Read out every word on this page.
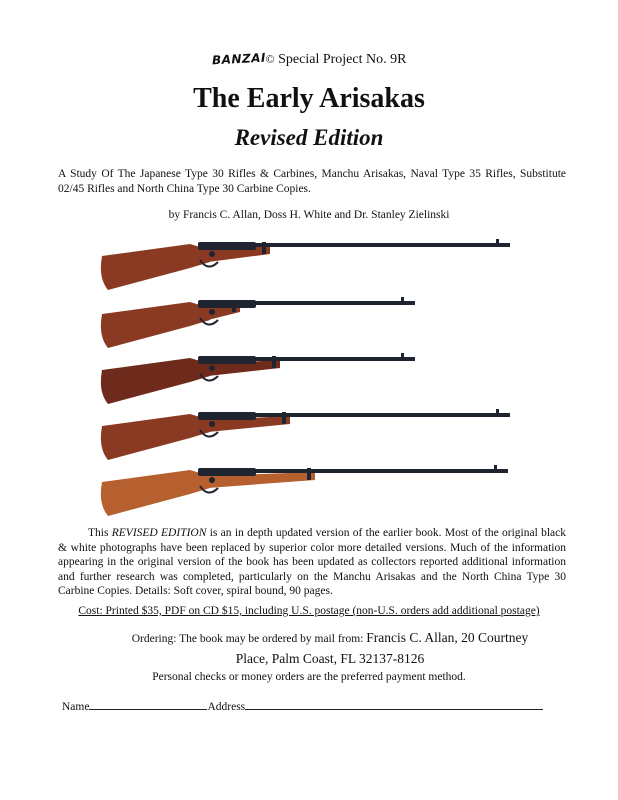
BANZAI© Special Project No. 9R
The Early Arisakas
Revised Edition

A Study Of The Japanese Type 30 Rifles & Carbines, Manchu Arisakas, Naval Type 35 Rifles, Substitute 02/45 Rifles and North China Type 30 Carbine Copies.

by Francis C. Allan, Doss H. White and Dr. Stanley Zielinski

This REVISED EDITION is an in depth updated version of the earlier book. Most of the original black & white photographs have been replaced by superior color more detailed versions. Much of the information appearing in the original version of the book has been updated as collectors reported additional information and further research was completed, particularly on the Manchu Arisakas and the North China Type 30 Carbine Copies. Details: Soft cover, spiral bound, 90 pages.

Cost: Printed $35, PDF on CD $15, including U.S. postage (non-U.S. orders add additional postage)
Ordering: The book may be ordered by mail from: Francis C. Allan, 20 Courtney Place, Palm Coast, FL 32137-8126
Personal checks or money orders are the preferred payment method.
Name	Address
